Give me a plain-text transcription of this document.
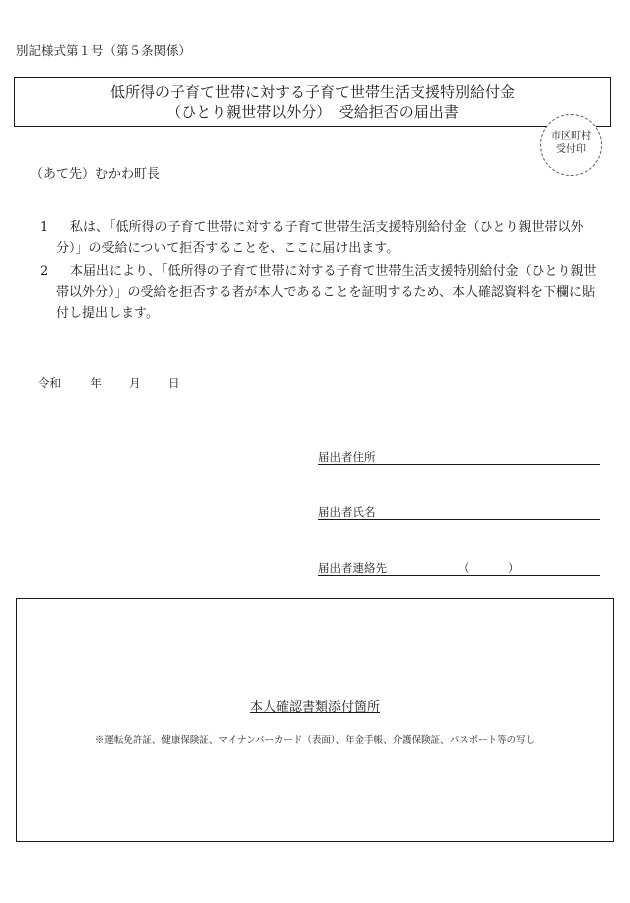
別記様式第１号（第５条関係）
低所得の子育て世帯に対する子育て世帯生活支援特別給付金
（ひとり親世帯以外分）　受給拒否の届出書
市区町村
受付印
（あて先）むかわ町長
1	私は、「低所得の子育て世帯に対する子育て世帯生活支援特別給付金（ひとり親世帯以外分）」の受給について拒否することを、ここに届け出ます。
2	本届出により、「低所得の子育て世帯に対する子育て世帯生活支援特別給付金（ひとり親世帯以外分）」の受給を拒否する者が本人であることを証明するため、本人確認資料を下欄に貼付し提出します。
令和	年 月 日
届出者住所
届出者氏名
届出者連絡先	（	）
本人確認書類添付箇所
※運転免許証、健康保険証、マイナンバーカード（表面）、年金手帳、介護保険証、パスポート等の写し
